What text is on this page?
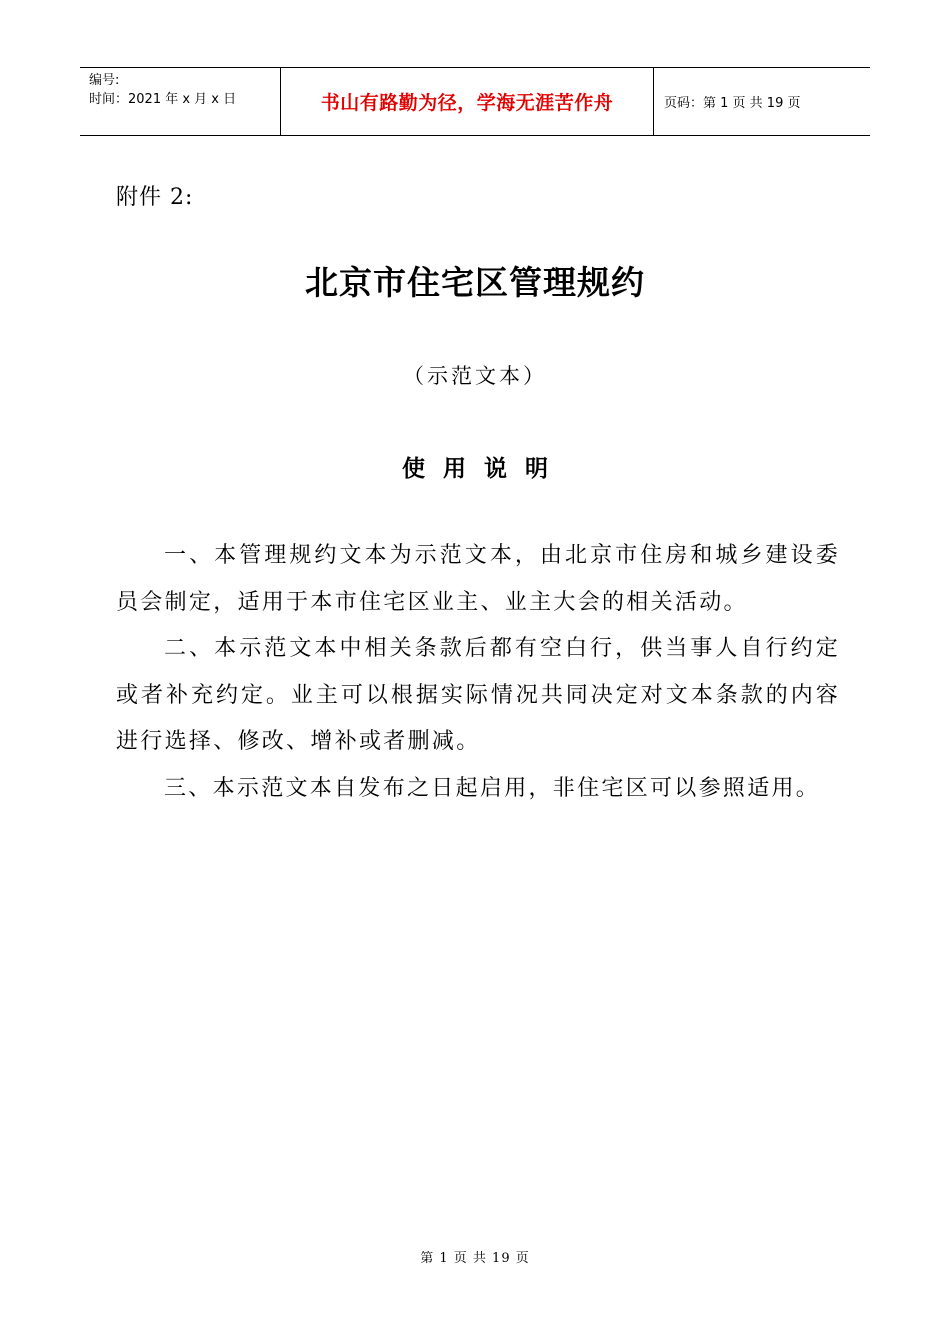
编号:
时间：2021 年 x 月 x 日	书山有路勤为径，学海无涯苦作舟	页码：第 1 页 共 19 页
附件 2:
北京市住宅区管理规约
（示范文本）
使用说明

一、本管理规约文本为示范文本，由北京市住房和城乡建设委员会制定，适用于本市住宅区业主、业主大会的相关活动。

二、本示范文本中相关条款后都有空白行，供当事人自行约定或者补充约定。业主可以根据实际情况共同决定对文本条款的内容进行选择、修改、增补或者删减。

三、本示范文本自发布之日起启用，非住宅区可以参照适用。

第 1 页 共 19 页
